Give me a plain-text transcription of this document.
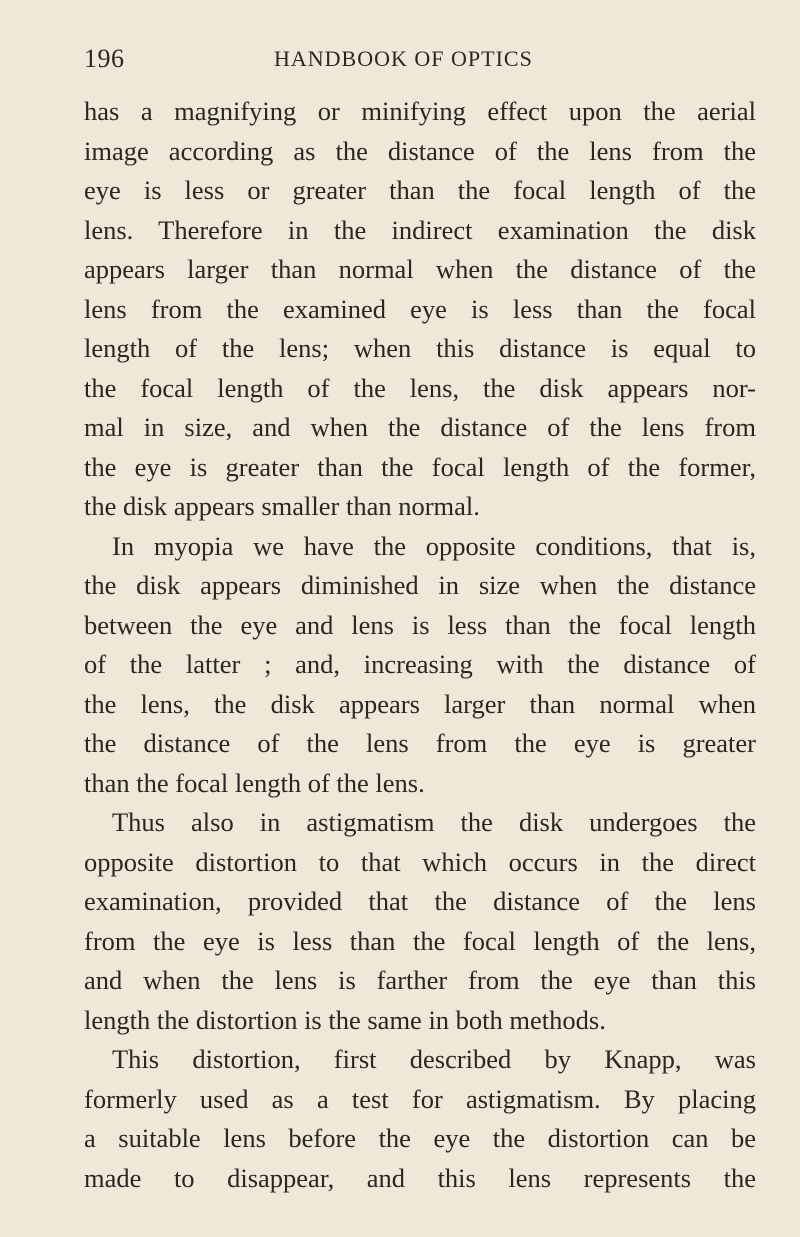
196	HANDBOOK OF OPTICS
has a magnifying or minifying effect upon the aerial
image according as the distance of the lens from the
eye is less or greater than the focal length of the
lens. Therefore in the indirect examination the disk
appears larger than normal when the distance of the
lens from the examined eye is less than the focal
length of the lens; when this distance is equal to
the focal length of the lens, the disk appears nor-
mal in size, and when the distance of the lens from
the eye is greater than the focal length of the former,
the disk appears smaller than normal.
In myopia we have the opposite conditions, that is,
the disk appears diminished in size when the distance
between the eye and lens is less than the focal length
of the latter ; and, increasing with the distance of
the lens, the disk appears larger than normal when
the distance of the lens from the eye is greater
than the focal length of the lens.
Thus also in astigmatism the disk undergoes the
opposite distortion to that which occurs in the direct
examination, provided that the distance of the lens
from the eye is less than the focal length of the lens,
and when the lens is farther from the eye than this
length the distortion is the same in both methods.
This distortion, first described by Knapp, was
formerly used as a test for astigmatism. By placing
a suitable lens before the eye the distortion can be
made to disappear, and this lens represents the
